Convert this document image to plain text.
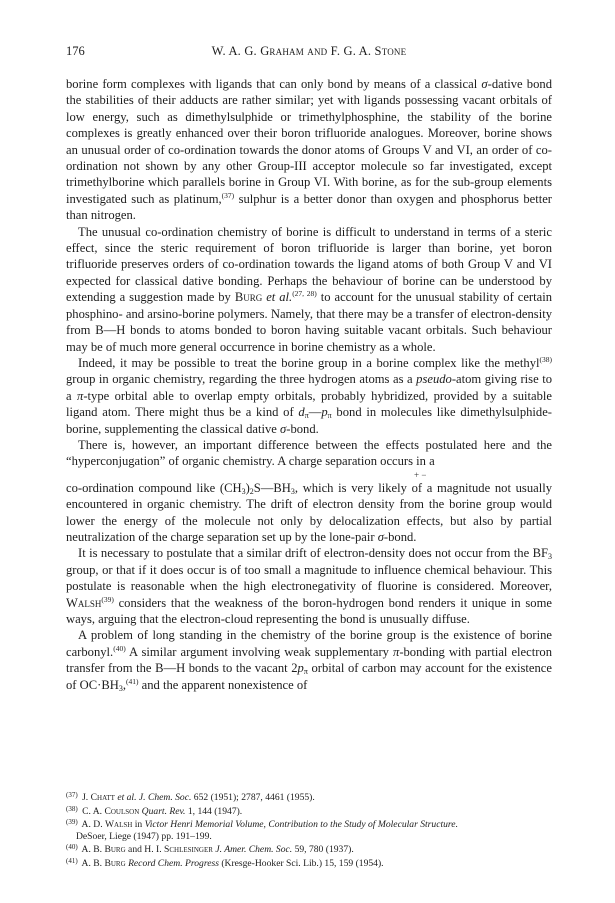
176	W. A. G. Graham and F. G. A. Stone

borine form complexes with ligands that can only bond by means of a classical σ-dative bond the stabilities of their adducts are rather similar; yet with ligands possessing vacant orbitals of low energy, such as dimethylsulphide or trimethylphosphine, the stability of the borine complexes is greatly enhanced over their boron trifluoride analogues. Moreover, borine shows an unusual order of co-ordination towards the donor atoms of Groups V and VI, an order of co-ordination not shown by any other Group-III acceptor molecule so far investigated, except trimethylborine which parallels borine in Group VI. With borine, as for the sub-group elements investigated such as platinum,$^{(37)}$ sulphur is a better donor than oxygen and phosphorus better than nitrogen.

The unusual co-ordination chemistry of borine is difficult to understand in terms of a steric effect, since the steric requirement of boron trifluoride is larger than borine, yet boron trifluoride preserves orders of co-ordination towards the ligand atoms of both Group V and VI expected for classical dative bonding. Perhaps the behaviour of borine can be understood by extending a suggestion made by Burg et al.$^{(27, 28)}$ to account for the unusual stability of certain phosphino- and arsino-borine polymers. Namely, that there may be a transfer of electron-density from B—H bonds to atoms bonded to boron having suitable vacant orbitals. Such behaviour may be of much more general occurrence in borine chemistry as a whole.

Indeed, it may be possible to treat the borine group in a borine complex like the methyl$^{(38)}$ group in organic chemistry, regarding the three hydrogen atoms as a pseudo-atom giving rise to a π-type orbital able to overlap empty orbitals, probably hybridized, provided by a suitable ligand atom. There might thus be a kind of $d_\pi—p_\pi$ bond in molecules like dimethylsulphide-borine, supplementing the classical dative σ-bond.

There is, however, an important difference between the effects postulated here and the “hyperconjugation” of organic chemistry. A charge separation occurs in a

+ −

co-ordination compound like $(CH_3)_2S—BH_3$, which is very likely of a magnitude not usually encountered in organic chemistry. The drift of electron density from the borine group would lower the energy of the molecule not only by delocalization effects, but also by partial neutralization of the charge separation set up by the lone-pair σ-bond.

It is necessary to postulate that a similar drift of electron-density does not occur from the $BF_3$ group, or that if it does occur is of too small a magnitude to influence chemical behaviour. This postulate is reasonable when the high electronegativity of fluorine is considered. Moreover, Walsh$^{(39)}$ considers that the weakness of the boron-hydrogen bond renders it unique in some ways, arguing that the electron-cloud representing the bond is unusually diffuse.

A problem of long standing in the chemistry of the borine group is the existence of borine carbonyl.$^{(40)}$ A similar argument involving weak supplementary π-bonding with partial electron transfer from the B—H bonds to the vacant $2p_\pi$ orbital of carbon may account for the existence of $OC\cdot BH_3,^{(41)}$ and the apparent nonexistence of

$^{(37)}$ J. Chatt et al. J. Chem. Soc. 652 (1951); 2787, 4461 (1955).

$^{(38)}$ C. A. Coulson Quart. Rev. 1, 144 (1947).

$^{(39)}$ A. D. Walsh in Victor Henri Memorial Volume, Contribution to the Study of Molecular Structure.

DeSoer, Liege (1947) pp. 191–199.

$^{(40)}$ A. B. Burg and H. I. Schlesinger J. Amer. Chem. Soc. 59, 780 (1937).

$^{(41)}$ A. B. Burg Record Chem. Progress (Kresge-Hooker Sci. Lib.) 15, 159 (1954).
